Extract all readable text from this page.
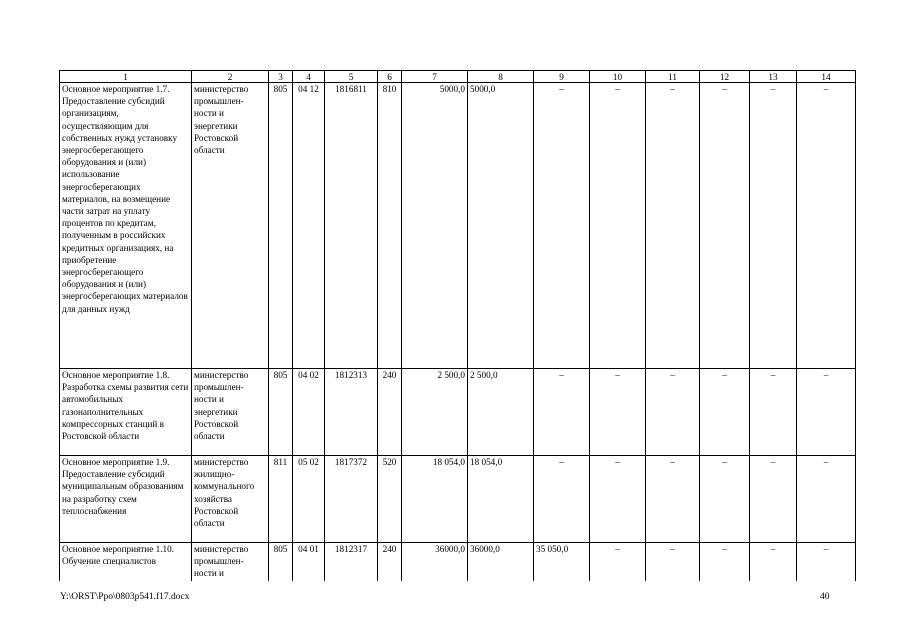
1	2	3	4	5	6	7	8	9	10	11	12	13	14
Основное мероприятие 1.7. Предоставление субсидий организациям, осуществляющим для собственных нужд установку энергосберегающего оборудования и (или) использование энергосберегающих материалов, на возмещение части затрат на уплату процентов по кредитам, полученным в российских кредитных организациях, на приобретение энергосберегающего оборудования и (или) энергосберегающих материалов для данных нужд	министерство промышлен-ности и энергетики Ростовской области	805	04 12	1816811	810	5000,0	5000,0	–	–	–	–	–	–
Основное мероприятие 1.8. Разработка схемы развития сети автомобильных газонаполнительных компрессорных станций в Ростовской области	министерство промышлен-ности и энергетики Ростовской области	805	04 02	1812313	240	2 500,0	2 500,0	–	–	–	–	–	–
Основное мероприятие 1.9. Предоставление субсидий муниципальным образованиям на разработку схем теплоснабжения	министерство жилищно-коммунального хозяйства Ростовской области	811	05 02	1817372	520	18 054,0	18 054,0	–	–	–	–	–	–
Основное мероприятие 1.10. Обучение специалистов	министерство промышлен-ности и	805	04 01	1812317	240	36000,0	36000,0	35 050,0	–	–	–	–	–
Y:\ORST\Ppo\0803p541.f17.docx	40
